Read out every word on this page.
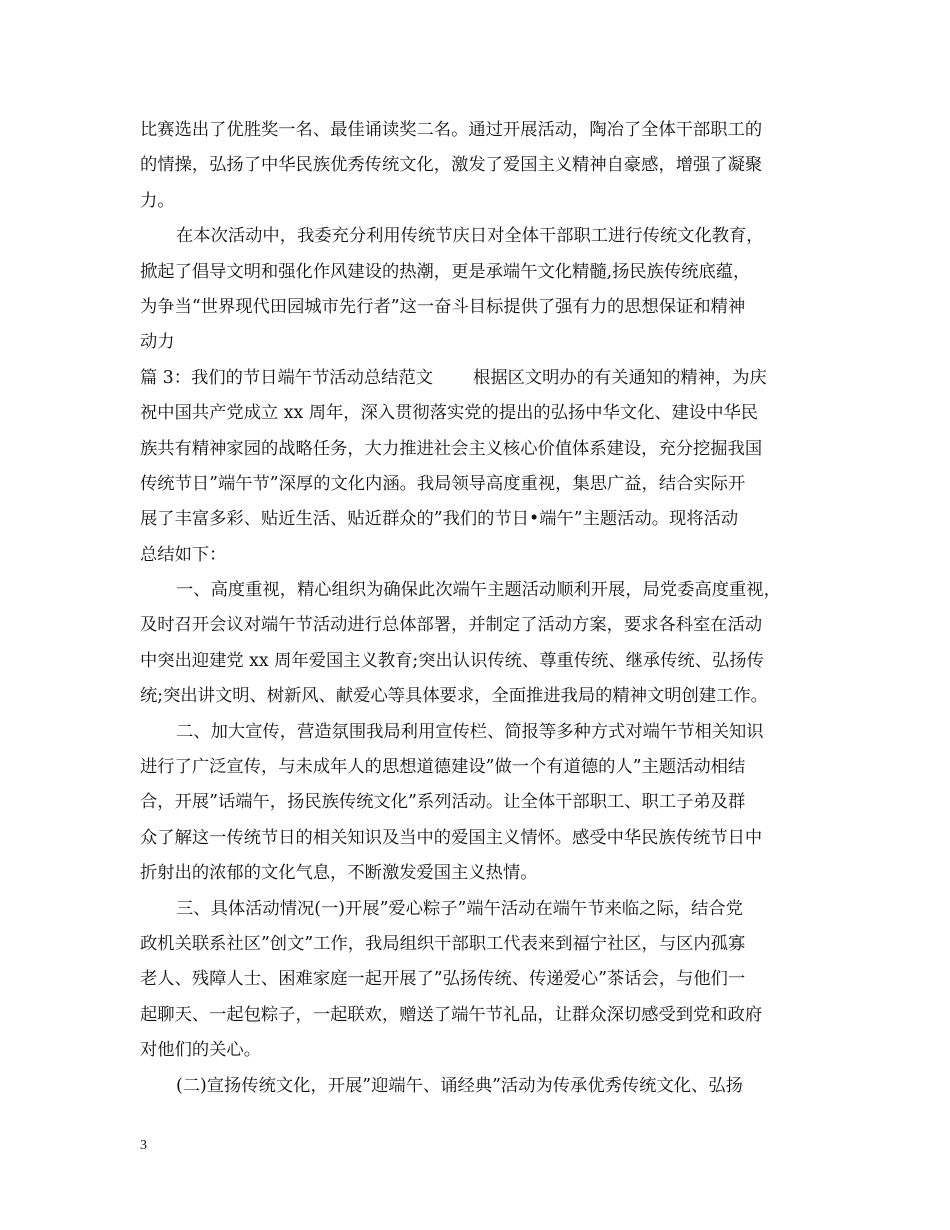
比赛选出了优胜奖一名、最佳诵读奖二名。通过开展活动，陶冶了全体干部职工的
的情操，弘扬了中华民族优秀传统文化，激发了爱国主义精神自豪感，增强了凝聚
力。
在本次活动中，我委充分利用传统节庆日对全体干部职工进行传统文化教育，
掀起了倡导文明和强化作风建设的热潮，更是承端午文化精髓,扬民族传统底蕴，
为争当“世界现代田园城市先行者”这一奋斗目标提供了强有力的思想保证和精神
动力
篇 3：我们的节日端午节活动总结范文　　 根据区文明办的有关通知的精神，为庆
祝中国共产党成立 xx 周年，深入贯彻落实党的提出的弘扬中华文化、建设中华民
族共有精神家园的战略任务，大力推进社会主义核心价值体系建设，充分挖掘我国
传统节日”端午节”深厚的文化内涵。我局领导高度重视，集思广益，结合实际开
展了丰富多彩、贴近生活、贴近群众的”我们的节日•端午”主题活动。现将活动
总结如下：
一、高度重视，精心组织为确保此次端午主题活动顺利开展，局党委高度重视，
及时召开会议对端午节活动进行总体部署，并制定了活动方案，要求各科室在活动
中突出迎建党 xx 周年爱国主义教育;突出认识传统、尊重传统、继承传统、弘扬传
统;突出讲文明、树新风、献爱心等具体要求，全面推进我局的精神文明创建工作。
二、加大宣传，营造氛围我局利用宣传栏、简报等多种方式对端午节相关知识
进行了广泛宣传，与未成年人的思想道德建设”做一个有道德的人”主题活动相结
合，开展”话端午，扬民族传统文化”系列活动。让全体干部职工、职工子弟及群
众了解这一传统节日的相关知识及当中的爱国主义情怀。感受中华民族传统节日中
折射出的浓郁的文化气息，不断激发爱国主义热情。
三、具体活动情况(一)开展”爱心粽子”端午活动在端午节来临之际，结合党
政机关联系社区”创文”工作，我局组织干部职工代表来到福宁社区，与区内孤寡
老人、残障人士、困难家庭一起开展了”弘扬传统、传递爱心”茶话会，与他们一
起聊天、一起包粽子，一起联欢，赠送了端午节礼品，让群众深切感受到党和政府
对他们的关心。
(二)宣扬传统文化，开展”迎端午、诵经典”活动为传承优秀传统文化、弘扬
3
